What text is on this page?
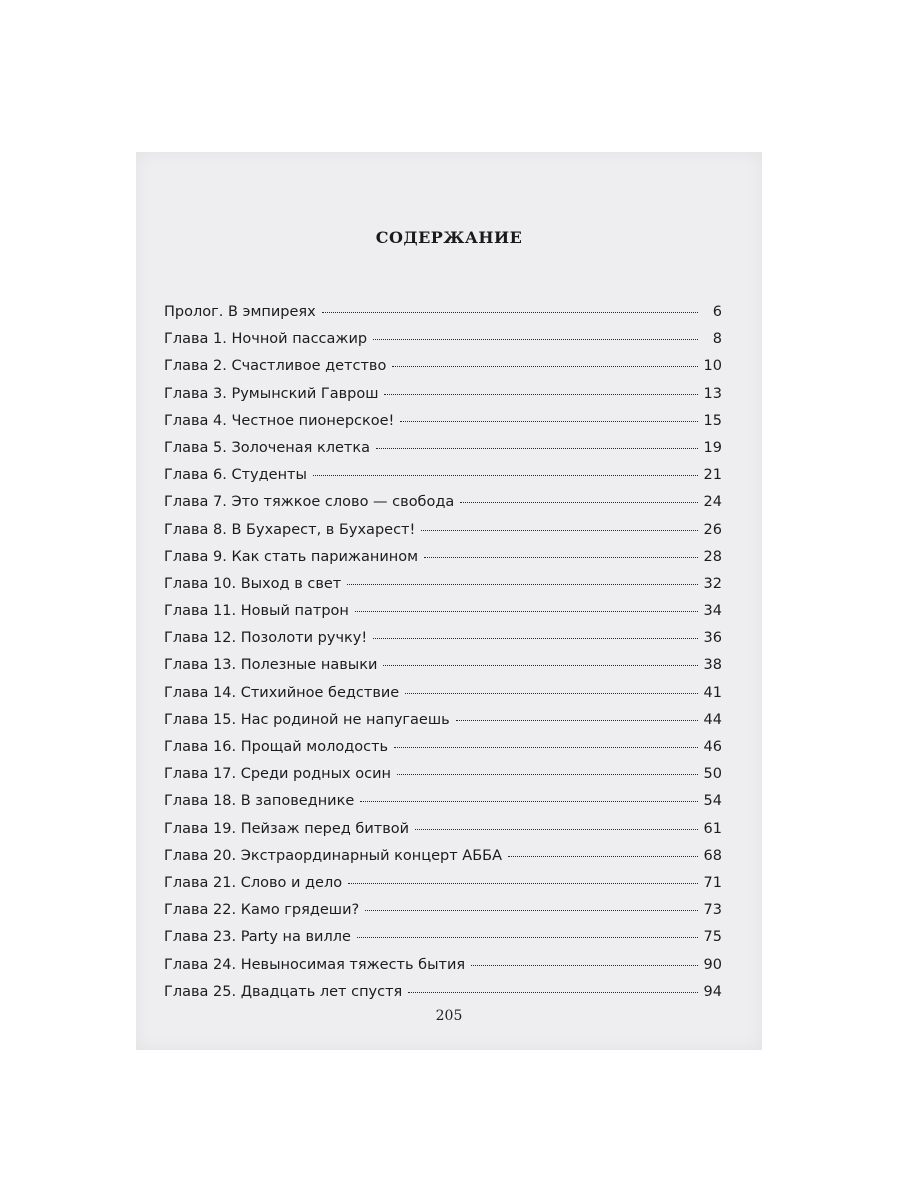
СОДЕРЖАНИЕ
Пролог. В эмпиреях	6
Глава 1. Ночной пассажир	8
Глава 2. Счастливое детство	10
Глава 3. Румынский Гаврош	13
Глава 4. Честное пионерское!	15
Глава 5. Золоченая клетка	19
Глава 6. Студенты	21
Глава 7. Это тяжкое слово — свобода	24
Глава 8. В Бухарест, в Бухарест!	26
Глава 9. Как стать парижанином	28
Глава 10. Выход в свет	32
Глава 11. Новый патрон	34
Глава 12. Позолоти ручку!	36
Глава 13. Полезные навыки	38
Глава 14. Стихийное бедствие	41
Глава 15. Нас родиной не напугаешь	44
Глава 16. Прощай молодость	46
Глава 17. Среди родных осин	50
Глава 18. В заповеднике	54
Глава 19. Пейзаж перед битвой	61
Глава 20. Экстраординарный концерт АББА	68
Глава 21. Слово и дело	71
Глава 22. Камо грядеши?	73
Глава 23. Party на вилле	75
Глава 24. Невыносимая тяжесть бытия	90
Глава 25. Двадцать лет спустя	94
205
